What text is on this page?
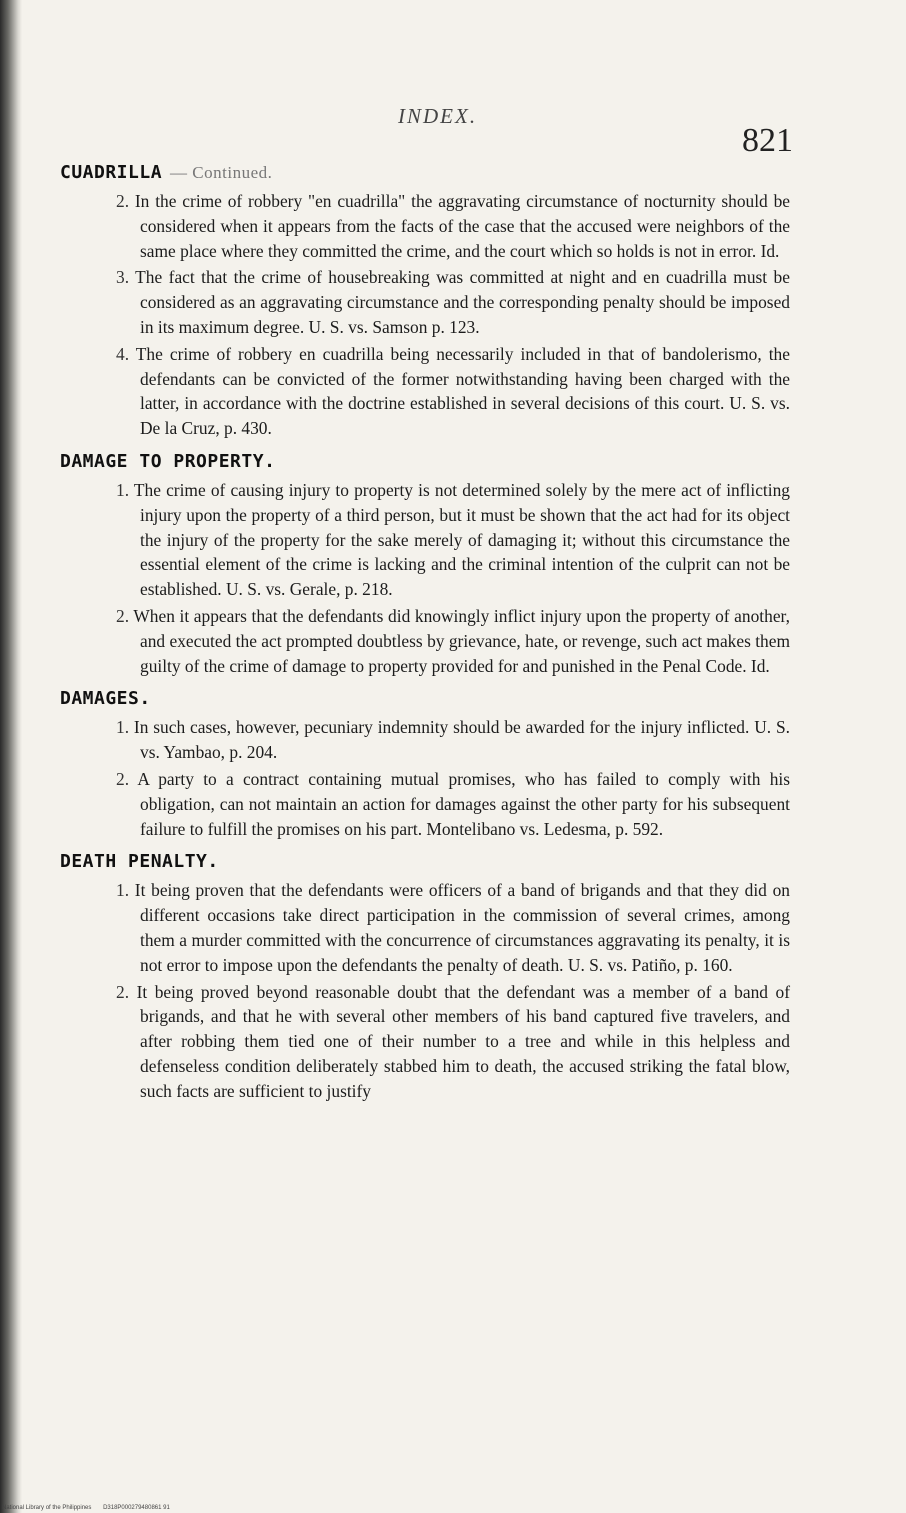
INDEX.
821
CUADRILLA — Continued.

2. In the crime of robbery "en cuadrilla" the aggravating circumstance of nocturnity should be considered when it appears from the facts of the case that the accused were neighbors of the same place where they committed the crime, and the court which so holds is not in error. Id.

3. The fact that the crime of housebreaking was committed at night and en cuadrilla must be considered as an aggravating circumstance and the corresponding penalty should be imposed in its maximum degree. U. S. vs. Samson p. 123.

4. The crime of robbery en cuadrilla being necessarily included in that of bandolerismo, the defendants can be convicted of the former notwithstanding having been charged with the latter, in accordance with the doctrine established in several decisions of this court. U. S. vs. De la Cruz, p. 430.

DAMAGE TO PROPERTY.

1. The crime of causing injury to property is not determined solely by the mere act of inflicting injury upon the property of a third person, but it must be shown that the act had for its object the injury of the property for the sake merely of damaging it; without this circumstance the essential element of the crime is lacking and the criminal intention of the culprit can not be established. U. S. vs. Gerale, p. 218.

2. When it appears that the defendants did knowingly inflict injury upon the property of another, and executed the act prompted doubtless by grievance, hate, or revenge, such act makes them guilty of the crime of damage to property provided for and punished in the Penal Code. Id.

DAMAGES.

1. In such cases, however, pecuniary indemnity should be awarded for the injury inflicted. U. S. vs. Yambao, p. 204.

2. A party to a contract containing mutual promises, who has failed to comply with his obligation, can not maintain an action for damages against the other party for his subsequent failure to fulfill the promises on his part. Montelibano vs. Ledesma, p. 592.

DEATH PENALTY.

1. It being proven that the defendants were officers of a band of brigands and that they did on different occasions take direct participation in the commission of several crimes, among them a murder committed with the concurrence of circumstances aggravating its penalty, it is not error to impose upon the defendants the penalty of death. U. S. vs. Patiño, p. 160.

2. It being proved beyond reasonable doubt that the defendant was a member of a band of brigands, and that he with several other members of his band captured five travelers, and after robbing them tied one of their number to a tree and while in this helpless and defenseless condition deliberately stabbed him to death, the accused striking the fatal blow, such facts are sufficient to justify

National Library of the Philippines D318P000279480861 91
